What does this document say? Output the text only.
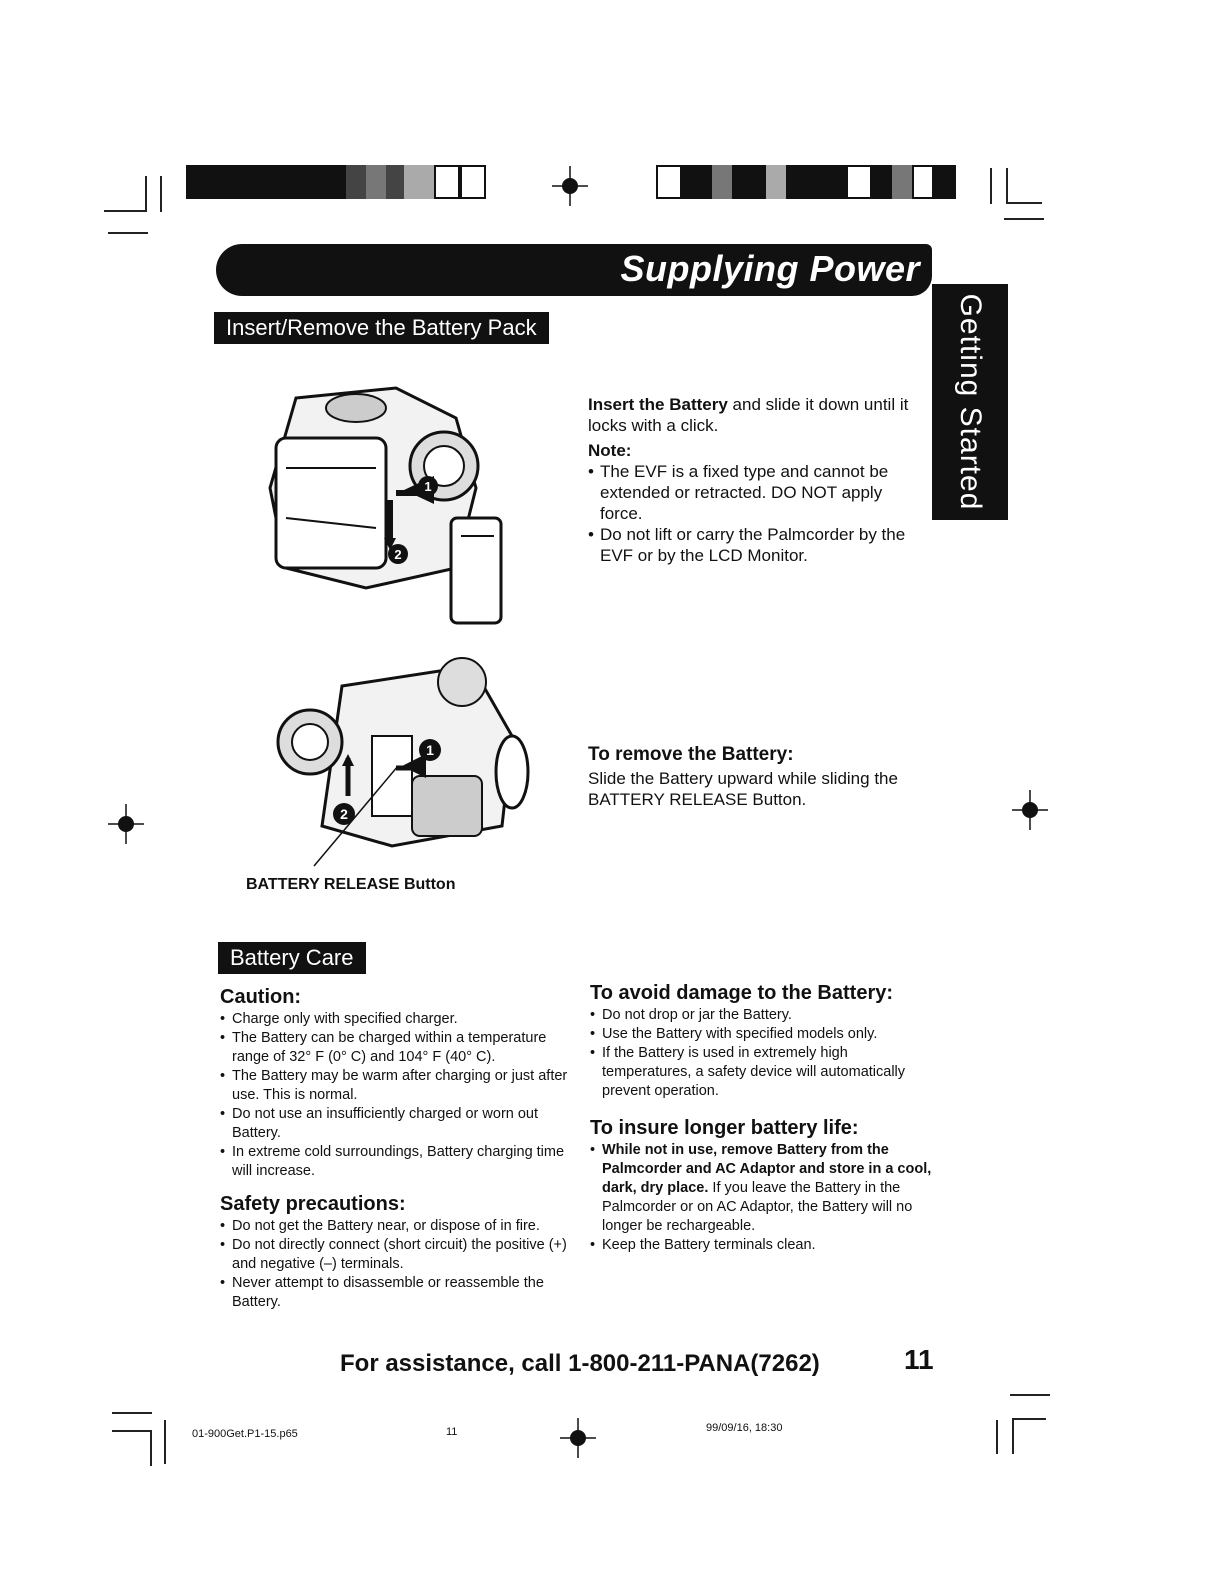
Supplying Power
Getting Started
Insert/Remove the Battery Pack
1
2
Insert the Battery and slide it down until it locks with a click.
Note:
• The EVF is a fixed type and cannot be extended or retracted. DO NOT apply force.
• Do not lift or carry the Palmcorder by the EVF or by the LCD Monitor.
1
2
BATTERY RELEASE Button
To remove the Battery:
Slide the Battery upward while sliding the BATTERY RELEASE Button.
Battery Care
Caution:
• Charge only with specified charger.
• The Battery can be charged within a temperature range of 32° F (0° C) and 104° F (40° C).
• The Battery may be warm after charging or just after use. This is normal.
• Do not use an insufficiently charged or worn out Battery.
• In extreme cold surroundings, Battery charging time will increase.
Safety precautions:
• Do not get the Battery near, or dispose of in fire.
• Do not directly connect (short circuit) the positive (+) and negative (–) terminals.
• Never attempt to disassemble or reassemble the Battery.
To avoid damage to the Battery:
• Do not drop or jar the Battery.
• Use the Battery with specified models only.
• If the Battery is used in extremely high temperatures, a safety device will automatically prevent operation.
To insure longer battery life:
• While not in use, remove Battery from the Palmcorder and AC Adaptor and store in a cool, dark, dry place. If you leave the Battery in the Palmcorder or on AC Adaptor, the Battery will no longer be rechargeable.
• Keep the Battery terminals clean.
For assistance, call 1-800-211-PANA(7262)	11
01-900Get.P1-15.p65	11	99/09/16, 18:30
